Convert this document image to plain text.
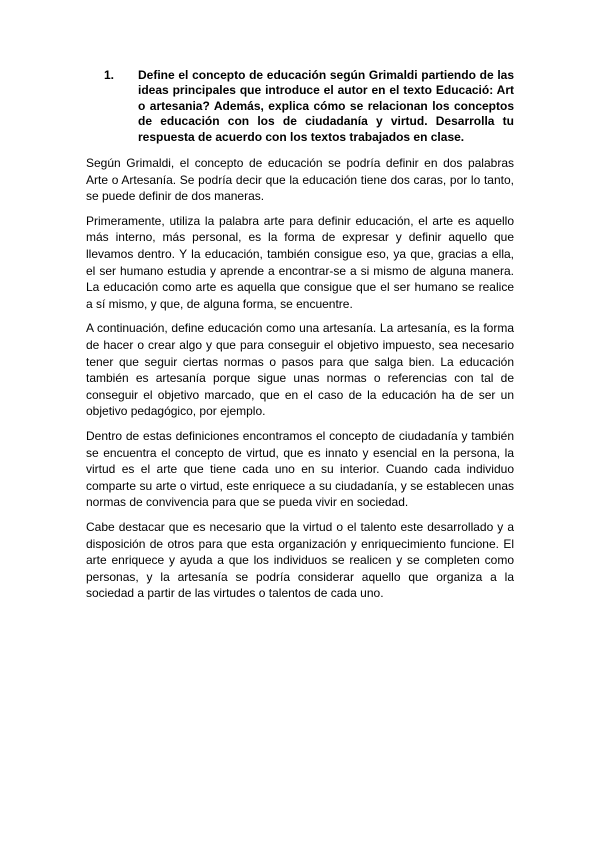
1.	Define el concepto de educación según Grimaldi partiendo de las ideas principales que introduce el autor en el texto Educació: Art o artesania? Además, explica cómo se relacionan los conceptos de educación con los de ciudadanía y virtud. Desarrolla tu respuesta de acuerdo con los textos trabajados en clase.

Según Grimaldi, el concepto de educación se podría definir en dos palabras Arte o Artesanía. Se podría decir que la educación tiene dos caras, por lo tanto, se puede definir de dos maneras.

Primeramente, utiliza la palabra arte para definir educación, el arte es aquello más interno, más personal, es la forma de expresar y definir aquello que llevamos dentro. Y la educación, también consigue eso, ya que, gracias a ella, el ser humano estudia y aprende a encontrar-se a si mismo de alguna manera. La educación como arte es aquella que consigue que el ser humano se realice a sí mismo, y que, de alguna forma, se encuentre.

A continuación, define educación como una artesanía. La artesanía, es la forma de hacer o crear algo y que para conseguir el objetivo impuesto, sea necesario tener que seguir ciertas normas o pasos para que salga bien. La educación también es artesanía porque sigue unas normas o referencias con tal de conseguir el objetivo marcado, que en el caso de la educación ha de ser un objetivo pedagógico, por ejemplo.

Dentro de estas definiciones encontramos el concepto de ciudadanía y también se encuentra el concepto de virtud, que es innato y esencial en la persona, la virtud es el arte que tiene cada uno en su interior. Cuando cada individuo comparte su arte o virtud, este enriquece a su ciudadanía, y se establecen unas normas de convivencia para que se pueda vivir en sociedad.

Cabe destacar que es necesario que la virtud o el talento este desarrollado y a disposición de otros para que esta organización y enriquecimiento funcione. El arte enriquece y ayuda a que los individuos se realicen y se completen como personas, y la artesanía se podría considerar aquello que organiza a la sociedad a partir de las virtudes o talentos de cada uno.
